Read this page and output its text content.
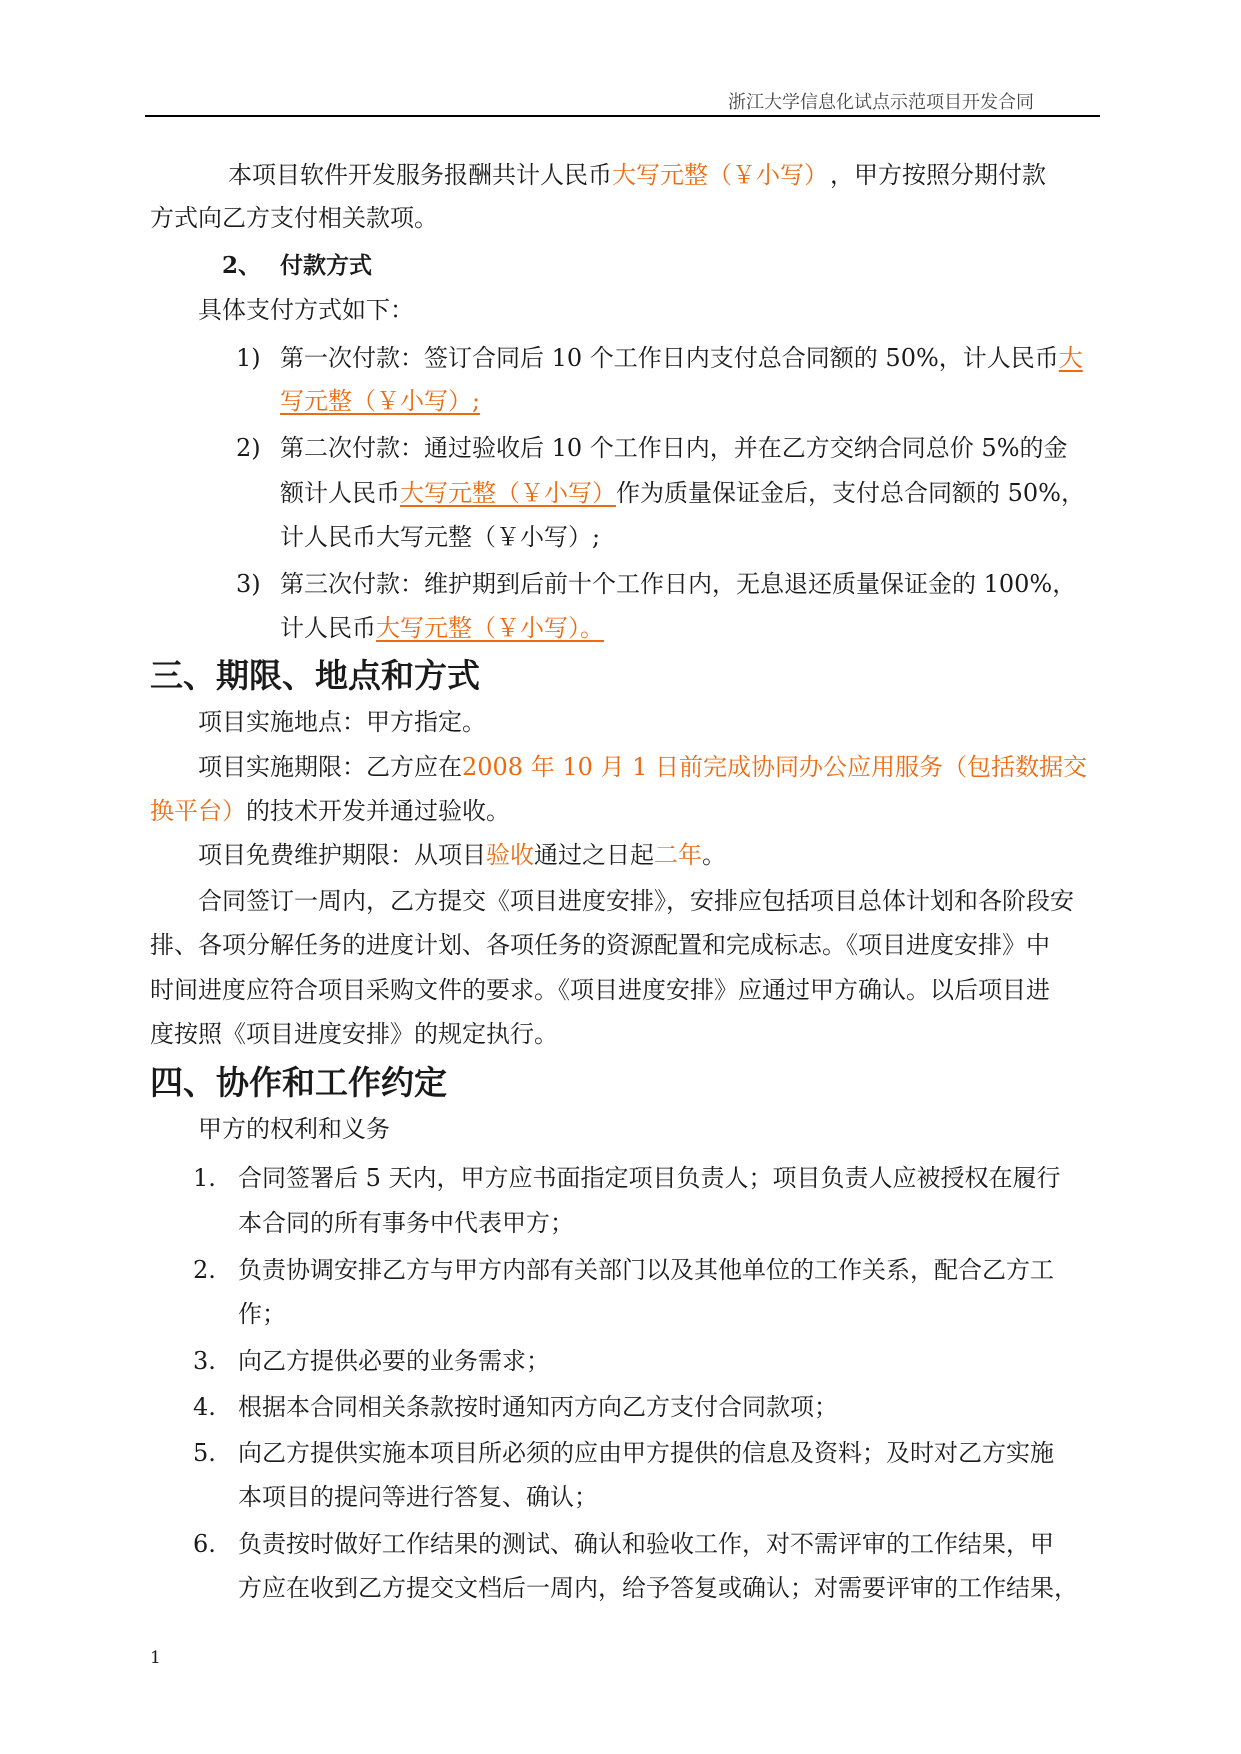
浙江大学信息化试点示范项目开发合同
本项目软件开发服务报酬共计人民币大写元整（￥小写） ，甲方按照分期付款
方式向乙方支付相关款项。
2、 付款方式
具体支付方式如下：
1) 第一次付款：签订合同后 10 个工作日内支付总合同额的 50%，计人民币大
写元整（￥小写）;
2) 第二次付款：通过验收后 10 个工作日内，并在乙方交纳合同总价 5%的金
额计人民币大写元整（￥小写）作为质量保证金后，支付总合同额的 50%，
计人民币大写元整（￥小写）;
3) 第三次付款：维护期到后前十个工作日内，无息退还质量保证金的 100%，
计人民币大写元整（￥小写）。
三、期限、地点和方式
项目实施地点：甲方指定。
项目实施期限：乙方应在2008 年 10 月 1 日前完成协同办公应用服务（包括数据交
换平台）的技术开发并通过验收。
项目免费维护期限：从项目验收通过之日起二年。
合同签订一周内，乙方提交《项目进度安排》，安排应包括项目总体计划和各阶段安
排、各项分解任务的进度计划、各项任务的资源配置和完成标志。《项目进度安排》中
时间进度应符合项目采购文件的要求。《项目进度安排》应通过甲方确认。以后项目进
度按照《项目进度安排》的规定执行。
四、协作和工作约定
甲方的权利和义务
1. 合同签署后 5 天内，甲方应书面指定项目负责人；项目负责人应被授权在履行
本合同的所有事务中代表甲方；
2. 负责协调安排乙方与甲方内部有关部门以及其他单位的工作关系，配合乙方工
作；
3. 向乙方提供必要的业务需求；
4. 根据本合同相关条款按时通知丙方向乙方支付合同款项；
5. 向乙方提供实施本项目所必须的应由甲方提供的信息及资料；及时对乙方实施
本项目的提问等进行答复、确认；
6. 负责按时做好工作结果的测试、确认和验收工作，对不需评审的工作结果，甲
方应在收到乙方提交文档后一周内，给予答复或确认；对需要评审的工作结果，
1
